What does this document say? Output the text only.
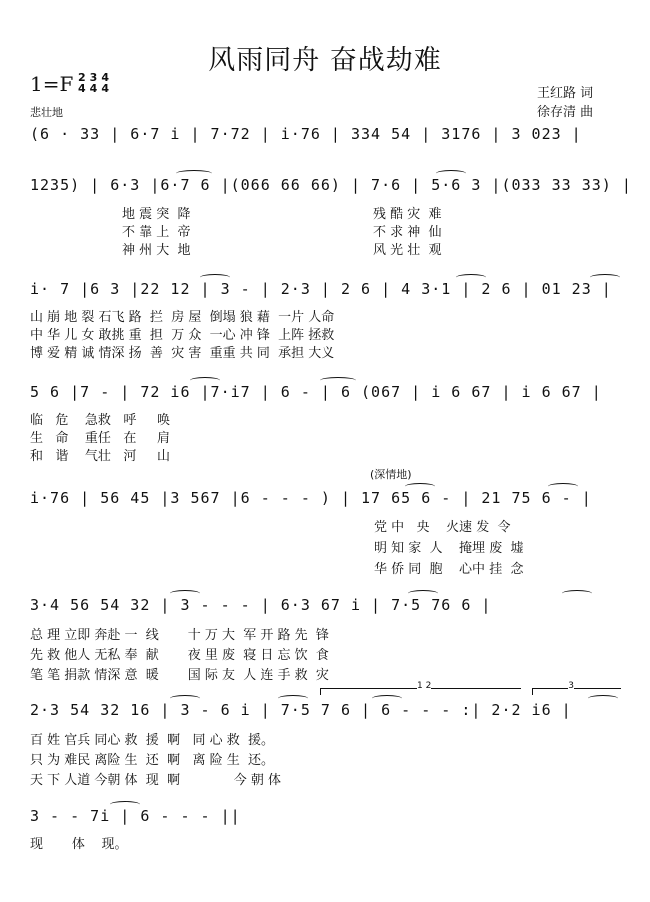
风雨同舟 奋战劫难
1=F 2
4
3
4
4
4
悲壮地
王红路 词
徐存清 曲
(6 · 33 | 6·7 i | 7·72 | i·76 | 334 54 | 3176 | 3 023 |
1235) | 6·3 |6·7 6 |(066 66 66) | 7·6 | 5·6 3 |(033 33 33) |
i· 7 |6 3 |22 12 | 3 - | 2·3 | 2 6 | 4 3·1 | 2 6 | 01 23 |
5 6 |7 - | 72 i6 |7·i7 | 6 - | 6 (067 | i 6 67 | i 6 67 |
i·76 | 56 45 |3 567 |6 - - - ) | 17 65 6 - | 21 75 6 - |
3·4 56 54 32 | 3 - - - | 6·3 67 i | 7·5 76 6 |
2·3 54 32 16 | 3 - 6 i | 7·5 7 6 | 6 - - - :| 2·2 i6 |
3 - - 7i | 6 - - - ||
地 震 突  降	残 酷 灾  难
不 靠 上  帝	不 求 神  仙
神 州 大  地	风 光 壮  观
山 崩 地 裂 石飞 路  拦  房 屋  倒塌 狼 藉  一片 人命
中 华 儿 女 敢挑 重  担  万 众  一心 冲 锋  上阵 拯救
博 爱 精 诚 情深 扬  善  灾 害  重重 共 同  承担 大义
临   危    急救   呼     唤
生   命    重任   在     肩
和   谐    气壮   河     山
(深情地)
党 中   央    火速 发  令
明 知 家  人    掩埋 废  墟
华 侨 同  胞    心中 挂  念
总 理 立即 奔赴 一  线       十 万 大  军 开 路 先  锋
先 救 他人 无私 奉  献       夜 里 废  寝 日 忘 饮  食
笔 笔 捐款 情深 意  暖       国 际 友  人 连 手 救  灾
百 姓 官兵 同心 救  援  啊   同 心 救  援。
只 为 难民 离险 生  还  啊   离 险 生  还。
天 下 人道 今朝 体  现  啊             今 朝 体
现       体    现。
1 2	3
